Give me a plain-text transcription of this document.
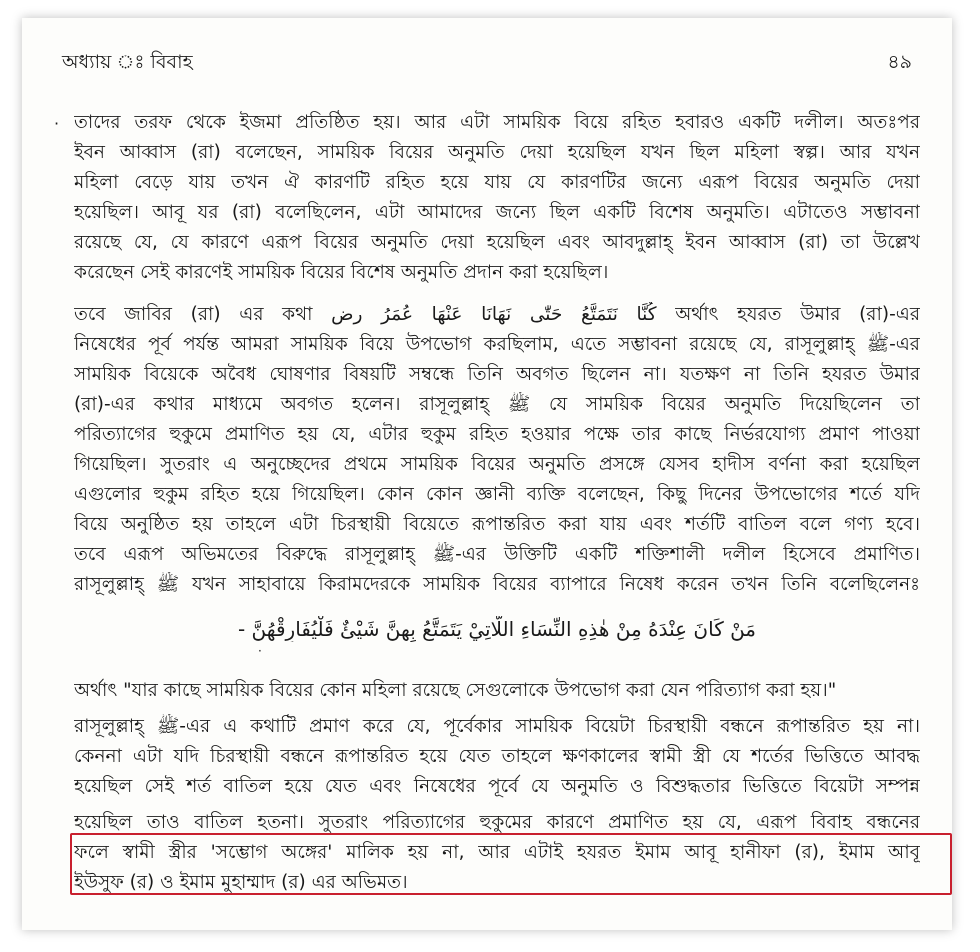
অধ্যায় ঃ বিবাহ	৪৯
· তাদের তরফ থেকে ইজমা প্রতিষ্ঠিত হয়। আর এটা সাময়িক বিয়ে রহিত হবারও একটি দলীল। অতঃপর
ইবন আব্বাস (রা) বলেছেন, সাময়িক বিয়ের অনুমতি দেয়া হয়েছিল যখন ছিল মহিলা স্বল্প। আর যখন
মহিলা বেড়ে যায় তখন ঐ কারণটি রহিত হয়ে যায় যে কারণটির জন্যে এরূপ বিয়ের অনুমতি দেয়া
হয়েছিল। আবূ যর (রা) বলেছিলেন, এটা আমাদের জন্যে ছিল একটি বিশেষ অনুমতি। এটাতেও সম্ভাবনা
রয়েছে যে, যে কারণে এরূপ বিয়ের অনুমতি দেয়া হয়েছিল এবং আবদুল্লাহ্ ইবন আব্বাস (রা) তা উল্লেখ
করেছেন সেই কারণেই সাময়িক বিয়ের বিশেষ অনুমতি প্রদান করা হয়েছিল।
তবে জাবির (রা) এর কথা كُنَّا نَتَمَتَّعُ حَتّٰى نَهَانَا عَنْهَا عُمَرُ رض অর্থাৎ হযরত উমার (রা)-এর
নিষেধের পূর্ব পর্যন্ত আমরা সাময়িক বিয়ে উপভোগ করছিলাম, এতে সম্ভাবনা রয়েছে যে, রাসূলুল্লাহ্ ﷺ-এর
সাময়িক বিয়েকে অবৈধ ঘোষণার বিষয়টি সম্বন্ধে তিনি অবগত ছিলেন না। যতক্ষণ না তিনি হযরত উমার
(রা)-এর কথার মাধ্যমে অবগত হলেন। রাসূলুল্লাহ্ ﷺ যে সাময়িক বিয়ের অনুমতি দিয়েছিলেন তা
পরিত্যাগের হুকুমে প্রমাণিত হয় যে, এটার হুকুম রহিত হওয়ার পক্ষে তার কাছে নির্ভরযোগ্য প্রমাণ পাওয়া
গিয়েছিল। সুতরাং এ অনুচ্ছেদের প্রথমে সাময়িক বিয়ের অনুমতি প্রসঙ্গে যেসব হাদীস বর্ণনা করা হয়েছিল
এগুলোর হুকুম রহিত হয়ে গিয়েছিল। কোন কোন জ্ঞানী ব্যক্তি বলেছেন, কিছু দিনের উপভোগের শর্তে যদি
বিয়ে অনুষ্ঠিত হয় তাহলে এটা চিরস্থায়ী বিয়েতে রূপান্তরিত করা যায় এবং শর্তটি বাতিল বলে গণ্য হবে।
তবে এরূপ অভিমতের বিরুদ্ধে রাসূলুল্লাহ্ ﷺ-এর উক্তিটি একটি শক্তিশালী দলীল হিসেবে প্রমাণিত।
রাসূলুল্লাহ্ ﷺ যখন সাহাবায়ে কিরামদেরকে সাময়িক বিয়ের ব্যাপারে নিষেধ করেন তখন তিনি বলেছিলেনঃ
مَنْ كَانَ عِنْدَهُ مِنْ هٰذِهِ النِّسَاءِ اللَّاتِيْ يَتَمَتَّعُ بِهِنَّ شَيْئٌ فَلْيُفَارِقْهُنَّ -
·
অর্থাৎ "যার কাছে সাময়িক বিয়ের কোন মহিলা রয়েছে সেগুলোকে উপভোগ করা যেন পরিত্যাগ করা হয়।"
রাসূলুল্লাহ্ ﷺ-এর এ কথাটি প্রমাণ করে যে, পূর্বেকার সাময়িক বিয়েটা চিরস্থায়ী বন্ধনে রূপান্তরিত হয় না।
কেননা এটা যদি চিরস্থায়ী বন্ধনে রূপান্তরিত হয়ে যেত তাহলে ক্ষণকালের স্বামী স্ত্রী যে শর্তের ভিত্তিতে আবদ্ধ
হয়েছিল সেই শর্ত বাতিল হয়ে যেত এবং নিষেধের পূর্বে যে অনুমতি ও বিশুদ্ধতার ভিত্তিতে বিয়েটা সম্পন্ন
হয়েছিল তাও বাতিল হতনা। সুতরাং পরিত্যাগের হুকুমের কারণে প্রমাণিত হয় যে, এরূপ বিবাহ বন্ধনের
ফলে স্বামী স্ত্রীর 'সম্ভোগ অঙ্গের' মালিক হয় না, আর এটাই হযরত ইমাম আবূ হানীফা (র), ইমাম আবূ
ইউসুফ (র) ও ইমাম মুহাম্মাদ (র) এর অভিমত।
